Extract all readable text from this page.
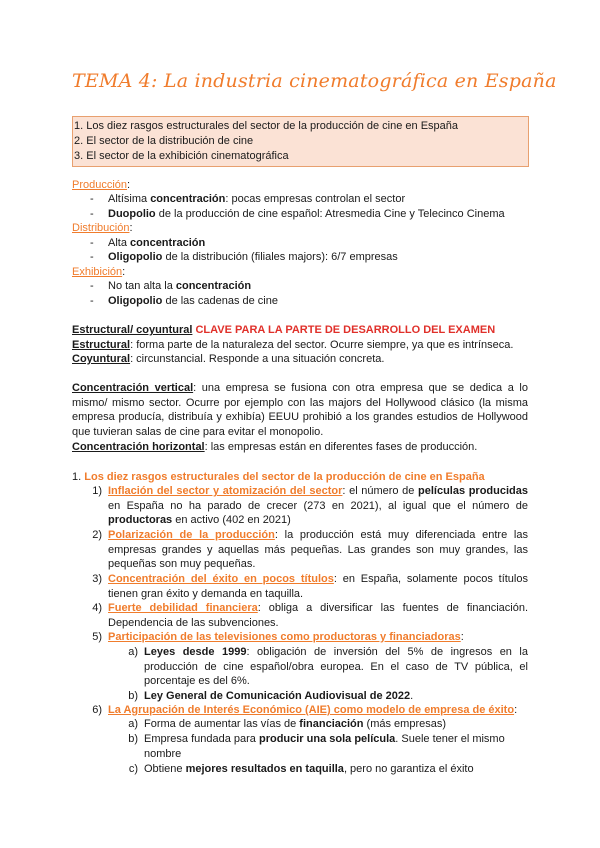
TEMA 4: La industria cinematográfica en España
1. Los diez rasgos estructurales del sector de la producción de cine en España
2. El sector de la distribución de cine
3. El sector de la exhibición cinematográfica
Producción:
- Altísima concentración: pocas empresas controlan el sector
- Duopolio de la producción de cine español: Atresmedia Cine y Telecinco Cinema
Distribución:
- Alta concentración
- Oligopolio de la distribución (filiales majors): 6/7 empresas
Exhibición:
- No tan alta la concentración
- Oligopolio de las cadenas de cine
Estructural/ coyuntural CLAVE PARA LA PARTE DE DESARROLLO DEL EXAMEN
Estructural: forma parte de la naturaleza del sector. Ocurre siempre, ya que es intrínseca.
Coyuntural: circunstancial. Responde a una situación concreta.
Concentración vertical: una empresa se fusiona con otra empresa que se dedica a lo mismo/ mismo sector. Ocurre por ejemplo con las majors del Hollywood clásico (la misma empresa producía, distribuía y exhibía) EEUU prohibió a los grandes estudios de Hollywood que tuvieran salas de cine para evitar el monopolio.
Concentración horizontal: las empresas están en diferentes fases de producción.
1. Los diez rasgos estructurales del sector de la producción de cine en España
1) Inflación del sector y atomización del sector: el número de películas producidas en España no ha parado de crecer (273 en 2021), al igual que el número de productoras en activo (402 en 2021)
2) Polarización de la producción: la producción está muy diferenciada entre las empresas grandes y aquellas más pequeñas. Las grandes son muy grandes, las pequeñas son muy pequeñas.
3) Concentración del éxito en pocos títulos: en España, solamente pocos títulos tienen gran éxito y demanda en taquilla.
4) Fuerte debilidad financiera: obliga a diversificar las fuentes de financiación. Dependencia de las subvenciones.
5) Participación de las televisiones como productoras y financiadoras:
6) La Agrupación de Interés Económico (AIE) como modelo de empresa de éxito:
a) Leyes desde 1999: obligación de inversión del 5% de ingresos en la producción de cine español/obra europea. En el caso de TV pública, el porcentaje es del 6%.
b) Ley General de Comunicación Audiovisual de 2022.
a) Forma de aumentar las vías de financiación (más empresas)
b) Empresa fundada para producir una sola película. Suele tener el mismo nombre
c) Obtiene mejores resultados en taquilla, pero no garantiza el éxito
